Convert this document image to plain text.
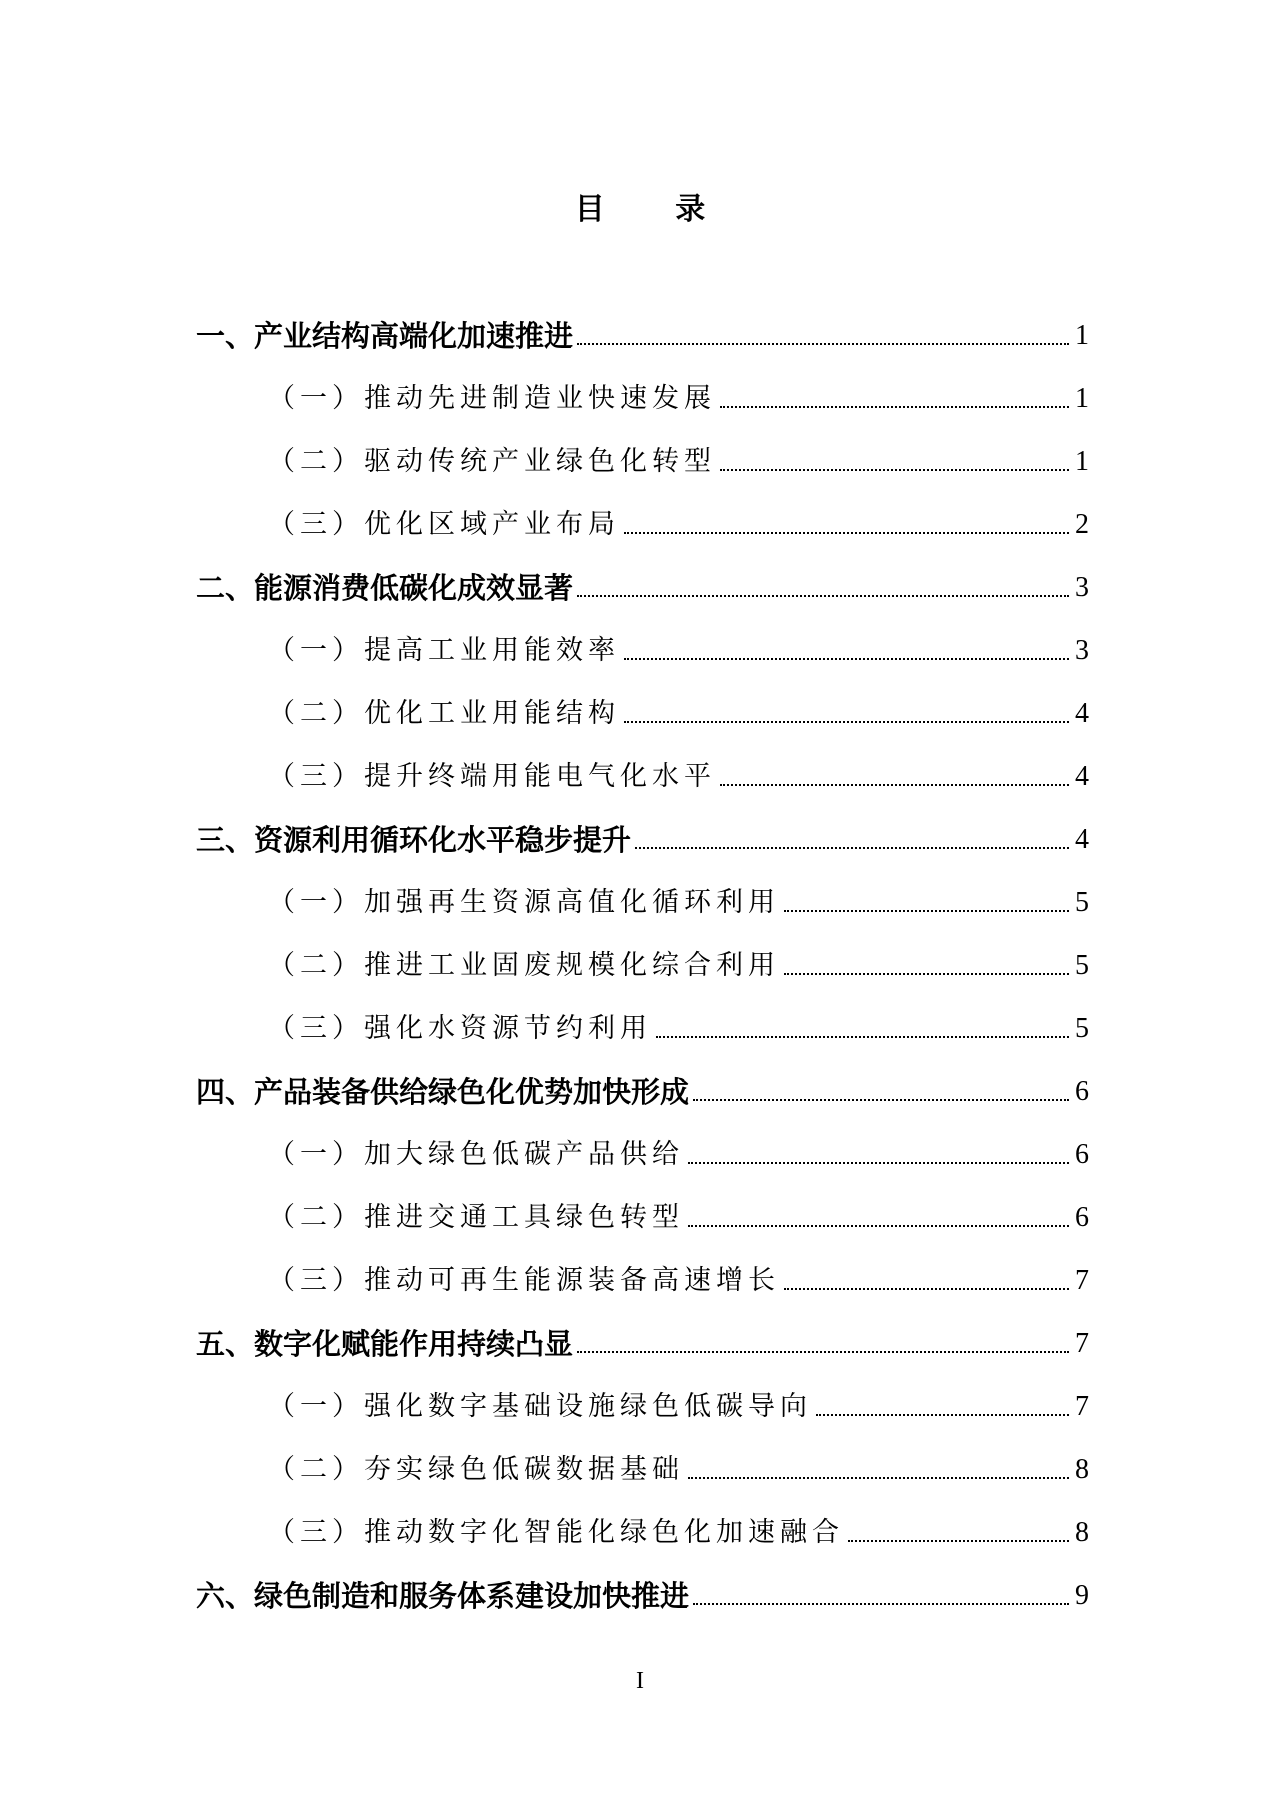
目 录
一、产业结构高端化加速推进	1
（一）推动先进制造业快速发展	1
（二）驱动传统产业绿色化转型	1
（三）优化区域产业布局	2
二、能源消费低碳化成效显著	3
（一）提高工业用能效率	3
（二）优化工业用能结构	4
（三）提升终端用能电气化水平	4
三、资源利用循环化水平稳步提升	4
（一）加强再生资源高值化循环利用	5
（二）推进工业固废规模化综合利用	5
（三）强化水资源节约利用	5
四、产品装备供给绿色化优势加快形成	6
（一）加大绿色低碳产品供给	6
（二）推进交通工具绿色转型	6
（三）推动可再生能源装备高速增长	7
五、数字化赋能作用持续凸显	7
（一）强化数字基础设施绿色低碳导向	7
（二）夯实绿色低碳数据基础	8
（三）推动数字化智能化绿色化加速融合	8
六、绿色制造和服务体系建设加快推进	9
I
